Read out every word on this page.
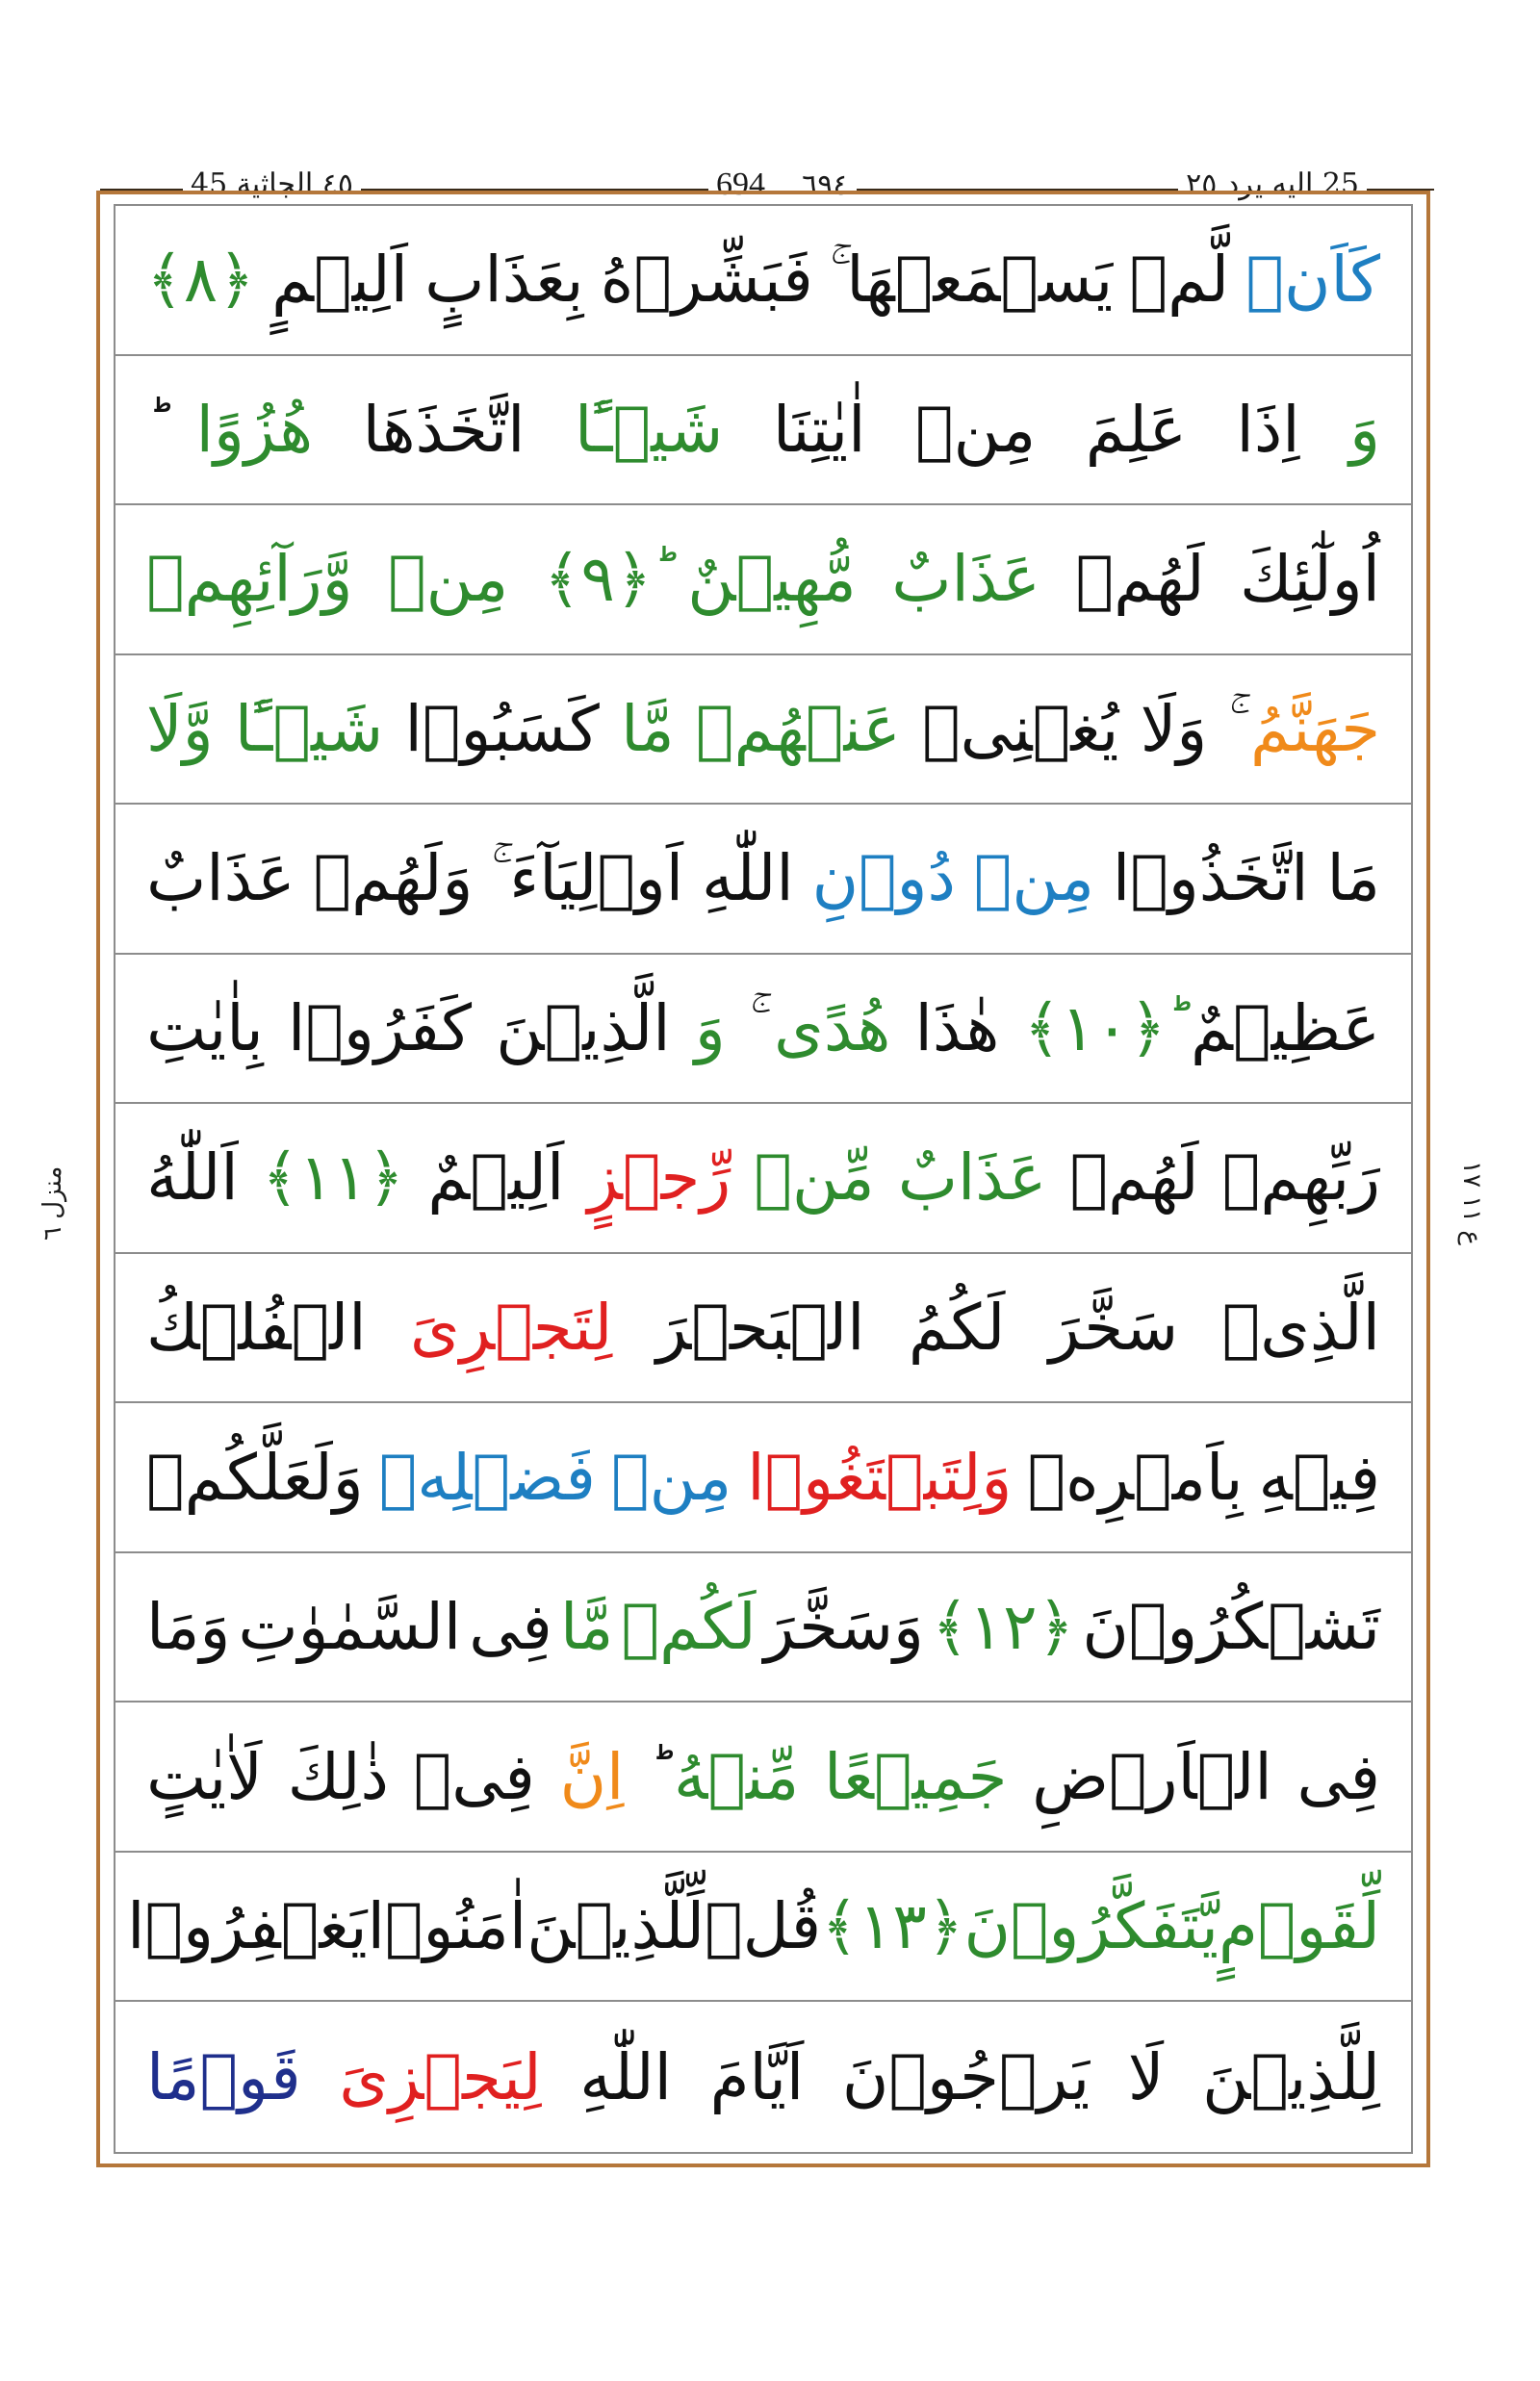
٤٥ الجاثية 45	٦٩٤    694	25 اليه يرد ٢٥
كَاَنۡ
لَّمۡ
يَسۡمَعۡهَا
فَبَشِّرۡهُ
بِعَذَابٍ
اَلِيۡمٍ
﴿٨﴾
وَ
اِذَا
عَلِمَ
مِنۡ
اٰيٰتِنَا
شَيۡـًٔا
اتَّخَذَهَا
هُزُوًا
اُولٰٓئِكَ
لَهُمۡ
عَذَابٌ
مُّهِيۡنٌ
ؕ﴿٩﴾
مِنۡ
وَّرَآئِهِمۡ
جَهَنَّمُ
وَلَا
يُغۡنِىۡ
عَنۡهُمۡ
مَّا
كَسَبُوۡا
شَيۡـًٔا
وَّلَا
مَا
اتَّخَذُوۡا
مِنۡ
دُوۡنِ
اللّٰهِ
اَوۡلِيَآءَ
وَلَهُمۡ
عَذَابٌ
عَظِيۡمٌ
ؕ﴿١٠﴾
هٰذَا
هُدًى
وَ
الَّذِيۡنَ
كَفَرُوۡا
بِاٰيٰتِ
رَبِّهِمۡ
لَهُمۡ
عَذَابٌ
مِّنۡ
رِّجۡزٍ
اَلِيۡمٌ
﴿١١﴾
اَللّٰهُ
الَّذِىۡ
سَخَّرَ
لَكُمُ
الۡبَحۡرَ
لِتَجۡرِىَ
الۡفُلۡكُ
فِيۡهِ
بِاَمۡرِهٖ
وَلِتَبۡتَغُوۡا
مِنۡ
فَضۡلِهٖ
وَلَعَلَّكُمۡ
تَشۡكُرُوۡنَ
﴿١٢﴾
وَسَخَّرَ
لَكُمۡ
مَّا
فِى
السَّمٰوٰتِ
وَمَا
فِى
الۡاَرۡضِ
جَمِيۡعًا
مِّنۡهُ
اِنَّ
فِىۡ
ذٰلِكَ
لَاٰيٰتٍ
لِّقَوۡمٍ
يَّتَفَكَّرُوۡنَ
﴿١٣﴾
قُلۡ
لِّلَّذِيۡنَ
اٰمَنُوۡا
يَغۡفِرُوۡا
لِلَّذِيۡنَ
لَا
يَرۡجُوۡنَ
اَيَّامَ
اللّٰهِ
لِيَجۡزِىَ
قَوۡمًا
منزل ٦	ع ١١ ١٧
